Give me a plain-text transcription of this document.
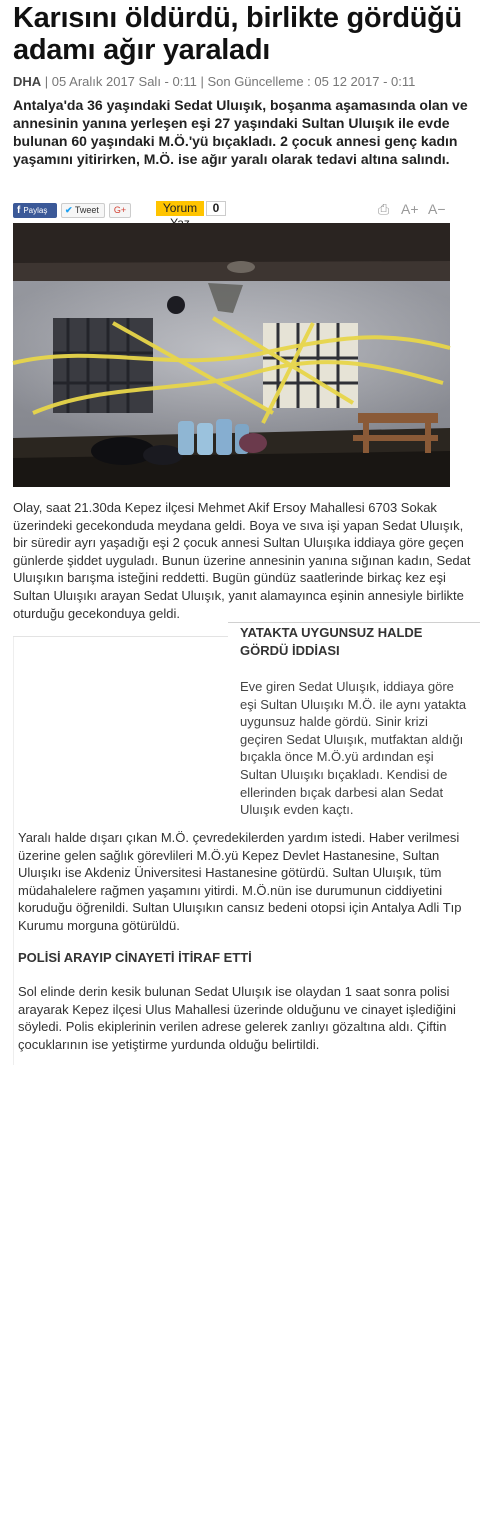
Karısını öldürdü, birlikte gördüğü adamı ağır yaraladı
DHA | 05 Aralık 2017 Salı - 0:11 | Son Güncelleme : 05 12 2017 - 0:11
Antalya'da 36 yaşındaki Sedat Uluışık, boşanma aşamasında olan ve annesinin yanına yerleşen eşi 27 yaşındaki Sultan Uluışık ile evde bulunan 60 yaşındaki M.Ö.'yü bıçakladı. 2 çocuk annesi genç kadın yaşamını yitirirken, M.Ö. ise ağır yaralı olarak tedavi altına salındı.
f Paylaş	✔ Tweet	G+	Yorum	0	⎙ A+ A−
Olay, saat 21.30da Kepez ilçesi Mehmet Akif Ersoy Mahallesi 6703 Sokak üzerindeki gecekonduda meydana geldi. Boya ve sıva işi yapan Sedat Uluışık, bir süredir ayrı yaşadığı eşi 2 çocuk annesi Sultan Uluışıka iddiaya göre geçen günlerde şiddet uyguladı. Bunun üzerine annesinin yanına sığınan kadın, Sedat Uluışıkın barışma isteğini reddetti. Bugün gündüz saatlerinde birkaç kez eşi Sultan Uluışıkı arayan Sedat Uluışık, yanıt alamayınca eşinin annesiyle birlikte oturduğu gecekonduya geldi.
YATAKTA UYGUNSUZ HALDE GÖRDÜ İDDİASI

Eve giren Sedat Uluışık, iddiaya göre eşi Sultan Uluışıkı M.Ö. ile aynı yatakta uygunsuz halde gördü. Sinir krizi geçiren Sedat Uluışık, mutfaktan aldığı bıçakla önce M.Ö.yü ardından eşi Sultan Uluışıkı bıçakladı. Kendisi de ellerinden bıçak darbesi alan Sedat Uluışık evden kaçtı.

Yaralı halde dışarı çıkan M.Ö. çevredekilerden yardım istedi. Haber verilmesi üzerine gelen sağlık görevlileri M.Ö.yü Kepez Devlet Hastanesine, Sultan Uluışıkı ise Akdeniz Üniversitesi Hastanesine götürdü. Sultan Uluışık, tüm müdahalelere rağmen yaşamını yitirdi. M.Ö.nün ise durumunun ciddiyetini koruduğu öğrenildi. Sultan Uluışıkın cansız bedeni otopsi için Antalya Adli Tıp Kurumu morguna götürüldü.
POLİSİ ARAYIP CİNAYETİ İTİRAF ETTİ
Sol elinde derin kesik bulunan Sedat Uluışık ise olaydan 1 saat sonra polisi arayarak Kepez ilçesi Ulus Mahallesi üzerinde olduğunu ve cinayet işlediğini söyledi. Polis ekiplerinin verilen adrese gelerek zanlıyı gözaltına aldı. Çiftin çocuklarının ise yetiştirme yurdunda olduğu belirtildi.
